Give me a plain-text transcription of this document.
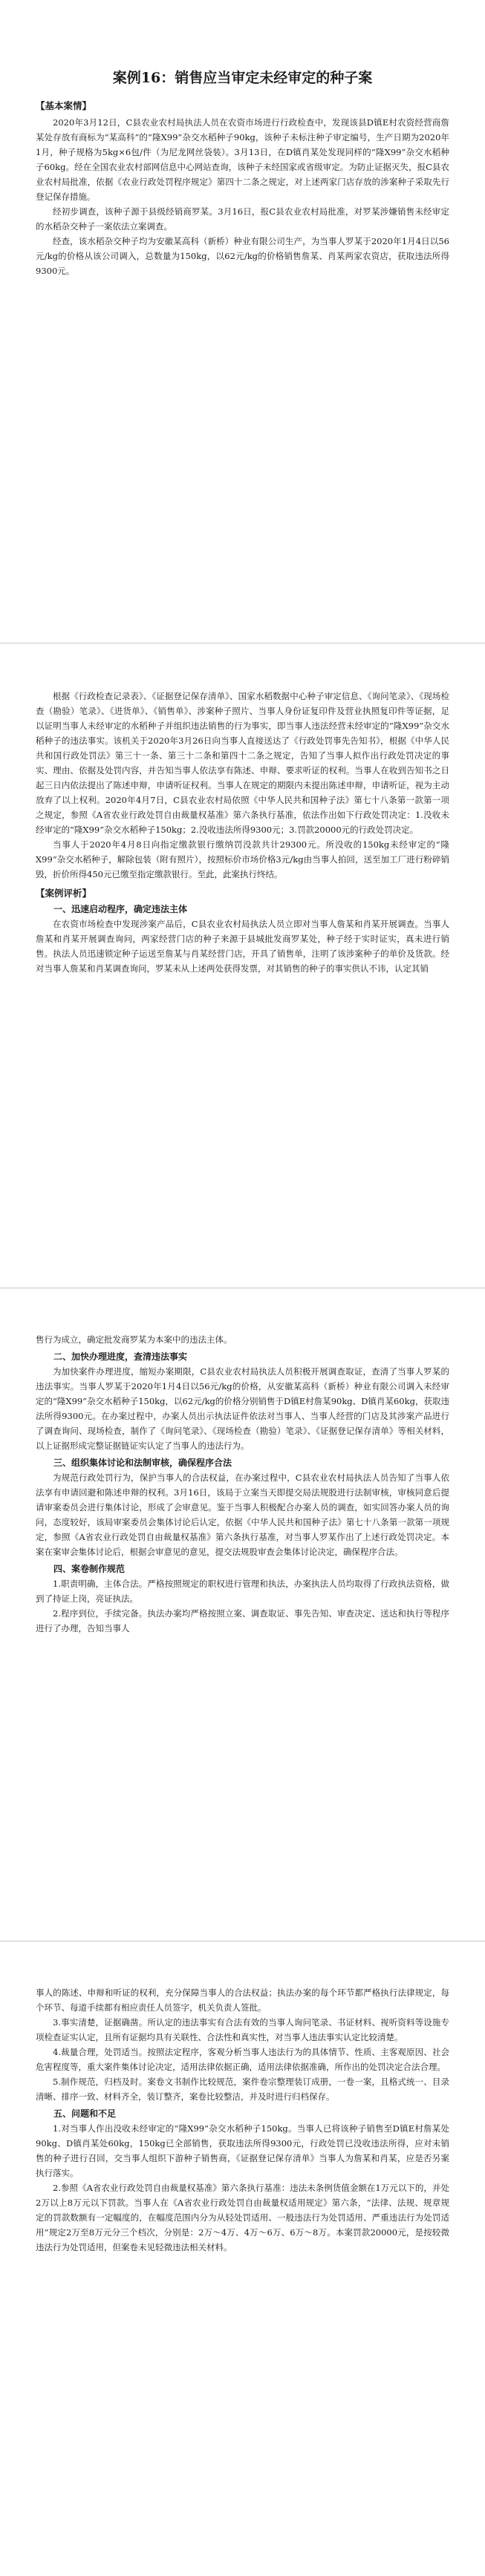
案例16：销售应当审定未经审定的种子案
【基本案情】

2020年3月12日，C县农业农村局执法人员在农资市场进行行政检查中，发现该县D镇E村农资经营商詹某处存放有商标为“某高科”的“隆X99”杂交水稻种子90kg，该种子未标注种子审定编号，生产日期为2020年1月，种子规格为5kg×6包/件（为尼龙网丝袋装）。3月13日，在D镇肖某处发现同样的“隆X99”杂交水稻种子60kg。经在全国农业农村部网信息中心网站查询，该种子未经国家或省级审定。为防止证据灭失，报C县农业农村局批准，依据《农业行政处罚程序规定》第四十二条之规定，对上述两家门店存放的涉案种子采取先行登记保存措施。

经初步调查，该种子源于县级经销商罗某。3月16日，报C县农业农村局批准，对罗某涉嫌销售未经审定的水稻杂交种子一案依法立案调查。

经查，该水稻杂交种子均为安徽某高科（新桥）种业有限公司生产，为当事人罗某于2020年1月4日以56元/kg的价格从该公司调入，总数量为150kg，以62元/kg的价格销售詹某、肖某两家农资店，获取违法所得9300元。

根据《行政检查记录表》、《证据登记保存清单》、国家水稻数据中心种子审定信息、《询问笔录》、《现场检查（勘验）笔录》、《进货单》、《销售单》、涉案种子照片、当事人身份证复印件及营业执照复印件等证据，足以证明当事人未经审定的水稻种子并组织违法销售的行为事实，即当事人违法经营未经审定的“隆X99”杂交水稻种子的违法事实。该机关于2020年3月26日向当事人直接送达了《行政处罚事先告知书》，根据《中华人民共和国行政处罚法》第三十一条、第三十二条和第四十二条之规定，告知了当事人拟作出行政处罚决定的事实、理由、依据及处罚内容，并告知当事人依法享有陈述、申辩、要求听证的权利。当事人在收到告知书之日起三日内依法提出了陈述申辩，申请听证权利。当事人在规定的期限内未提出陈述申辩，申请听证，视为主动放弃了以上权利。2020年4月7日，C县农业农村局依照《中华人民共和国种子法》第七十八条第一款第一项之规定，参照《A省农业行政处罚自由裁量权基准》第六条执行基准，依法作出如下行政处罚决定：1.没收未经审定的“隆X99”杂交水稻种子150kg；2.没收违法所得9300元；3.罚款20000元的行政处罚决定。

当事人于2020年4月8日向指定缴款银行缴纳罚没款共计29300元。所没收的150kg未经审定的“隆X99”杂交水稻种子，解除包装（附有照片），按照标价市场价格3元/kg由当事人拍回，送至加工厂进行粉碎销毁，折价所得450元已缴至指定缴款银行。至此，此案执行终结。

【案例评析】
一、迅速启动程序，确定违法主体

在农资市场检查中发现涉案产品后，C县农业农村局执法人员立即对当事人詹某和肖某开展调查。当事人詹某和肖某开展调查询问，两家经营门店的种子来源于县城批发商罗某处，种子经于实时证实，真未进行销售。执法人员迅速锁定种子运送至詹某与肖某经营门店，开具了销售单，注明了该涉案种子的单价及货款。经对当事人詹某和肖某调查询问，罗某未从上述两处获得发票，对其销售的种子的事实供认不讳，认定其销

售行为成立，确定批发商罗某为本案中的违法主体。

二、加快办理进度，查清违法事实

为加快案件办理进度，缩短办案期限，C县农业农村局执法人员积极开展调查取证，查清了当事人罗某的违法事实。当事人罗某于2020年1月4日以56元/kg的价格，从安徽某高科（新桥）种业有限公司调入未经审定的“隆X99”杂交水稻种子150kg，以62元/kg的价格分别销售于D镇E村詹某90kg、D镇肖某60kg，获取违法所得9300元。在办案过程中，办案人员出示执法证件依法对当事人、当事人经营的门店及其涉案产品进行了调查询问、现场检查，制作了《询问笔录》、《现场检查（勘验）笔录》、《证据登记保存清单》等相关材料，以上证据形成完整证据链证实认定了当事人的违法行为。

三、组织集体讨论和法制审核，确保程序合法

为规范行政处罚行为，保护当事人的合法权益，在办案过程中，C县农业农村局执法人员告知了当事人依法享有申请回避和陈述申辩的权利。3月16日，该局于立案当天即提交局法规股进行法制审核，审核同意后提请审案委员会进行集体讨论，形成了会审意见。鉴于当事人积极配合办案人员的调查，如实回答办案人员的询问，态度较好，该局审案委员会集体讨论后认定，依据《中华人民共和国种子法》第七十八条第一款第一项规定，参照《A省农业行政处罚自由裁量权基准》第六条执行基准，对当事人罗某作出了上述行政处罚决定。本案在案审会集体讨论后，根据会审意见的意见，提交法规股审查会集体讨论决定，确保程序合法。

四、案卷制作规范

1.职责明确，主体合法。严格按照规定的职权进行管理和执法，办案执法人员均取得了行政执法资格，做到了持证上岗，亮证执法。

2.程序到位，手续完备。执法办案均严格按照立案、调查取证、事先告知、审查决定、送达和执行等程序进行了办理，告知当事人

事人的陈述、申辩和听证的权利，充分保障当事人的合法权益；执法办案的每个环节都严格执行法律规定，每个环节、每道手续都有相应责任人员签字，机关负责人签批。

3.事实清楚，证据确凿。所认定的违法事实有合法有效的当事人询问笔录、书证材料、视听资料等设施专项检查证实认定，且所有证据均具有关联性、合法性和真实性，对当事人违法事实认定比较清楚。

4.裁量合理，处罚适当。按照法定程序，客观分析当事人违法行为的具体情节、性质、主客观原因、社会危害程度等，重大案件集体讨论决定，适用法律依据正确，适用法律依据准确，所作出的处罚决定合法合理。

5.制作规范，归档及时。案卷文书制作比较规范，案件卷宗整理装订成册，一卷一案，且格式统一、目录清晰、排序一致、材料齐全，装订整齐，案卷比较整洁，并及时进行归档保存。

五、问题和不足

1.对当事人作出没收未经审定的“隆X99”杂交水稻种子150kg。当事人已将该种子销售至D镇E村詹某处90kg、D镇肖某处60kg，150kg已全部销售，获取违法所得9300元，行政处罚已没收违法所得，应对未销售的种子进行召回，交当事人组织下游种子销售商，《证据登记保存清单》当事人为詹某和肖某，应是否另案执行落实。

2.参照《A省农业行政处罚自由裁量权基准》第六条执行基准：违法未条例货值金额在1万元以下的，并处2万以上8万元以下罚款。当事人在《A省农业行政处罚自由裁量权适用规定》第六条，“法律、法规、规章规定的罚款数额有一定幅度的，在幅度范围内分为从轻处罚适用、一般违法行为处罚适用、严重违法行为处罚适用”规定2万至8万元分三个档次，分别是：2万～4万、4万～6万、6万～8万。本案罚款20000元，是按较微违法行为处罚适用，但案卷未见轻微违法相关材料。
